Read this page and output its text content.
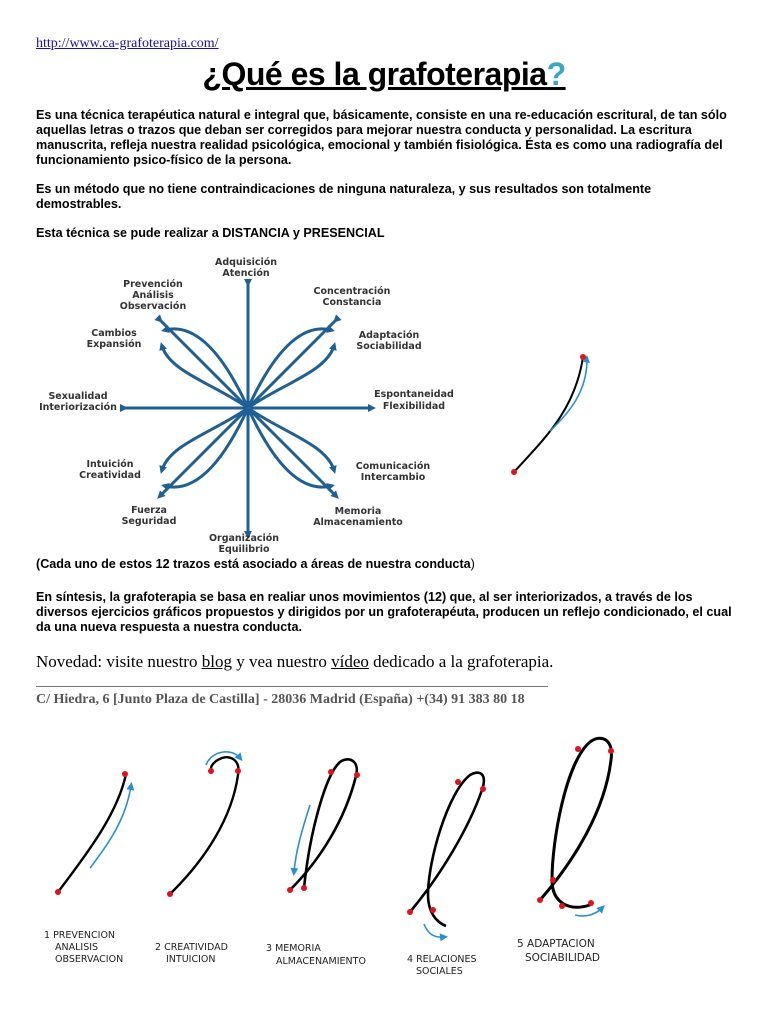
http://www.ca-grafoterapia.com/
¿Qué es la grafoterapia?
Es una técnica terapéutica natural e integral que, básicamente, consiste en una re-educación escritural, de tan sólo aquellas letras o trazos que deban ser corregidos para mejorar nuestra conducta y personalidad. La escritura manuscrita, refleja nuestra realidad psicológica, emocional y también fisiológica. Ésta es como una radiografía del funcionamiento psico-físico de la persona.
Es un método que no tiene contraindicaciones de ninguna naturaleza, y sus resultados son totalmente demostrables.
Esta técnica se pude realizar a DISTANCIA y PRESENCIAL
Adquisición
Atención
Concentración
Constancia
Adaptación
Sociabilidad
Espontaneidad
Flexibilidad
Comunicación
Intercambio
Memoria
Almacenamiento
Organización
Equilibrio
Fuerza
Seguridad
Intuición
Creatividad
Sexualidad
Interiorización
Cambios
Expansión
Prevención
Análisis
Observación
(Cada uno de estos 12 trazos está asociado a áreas de nuestra conducta)
En síntesis, la grafoterapia se basa en realiar unos movimientos (12) que, al ser interiorizados, a través de los diversos ejercicios gráficos propuestos y dirigidos por un grafoterapéuta, producen un reflejo condicionado, el cual da una nueva respuesta a nuestra conducta.
Novedad: visite nuestro blog y vea nuestro vídeo dedicado a la grafoterapia.
C/ Hiedra, 6 [Junto Plaza de Castilla] - 28036 Madrid (España) +(34) 91 383 80 18
1 PREVENCION
ANALISIS
OBSERVACION
2 CREATIVIDAD
INTUICION
3 MEMORIA
ALMACENAMIENTO	4 RELACIONES
SOCIALES
5 ADAPTACION
SOCIABILIDAD
